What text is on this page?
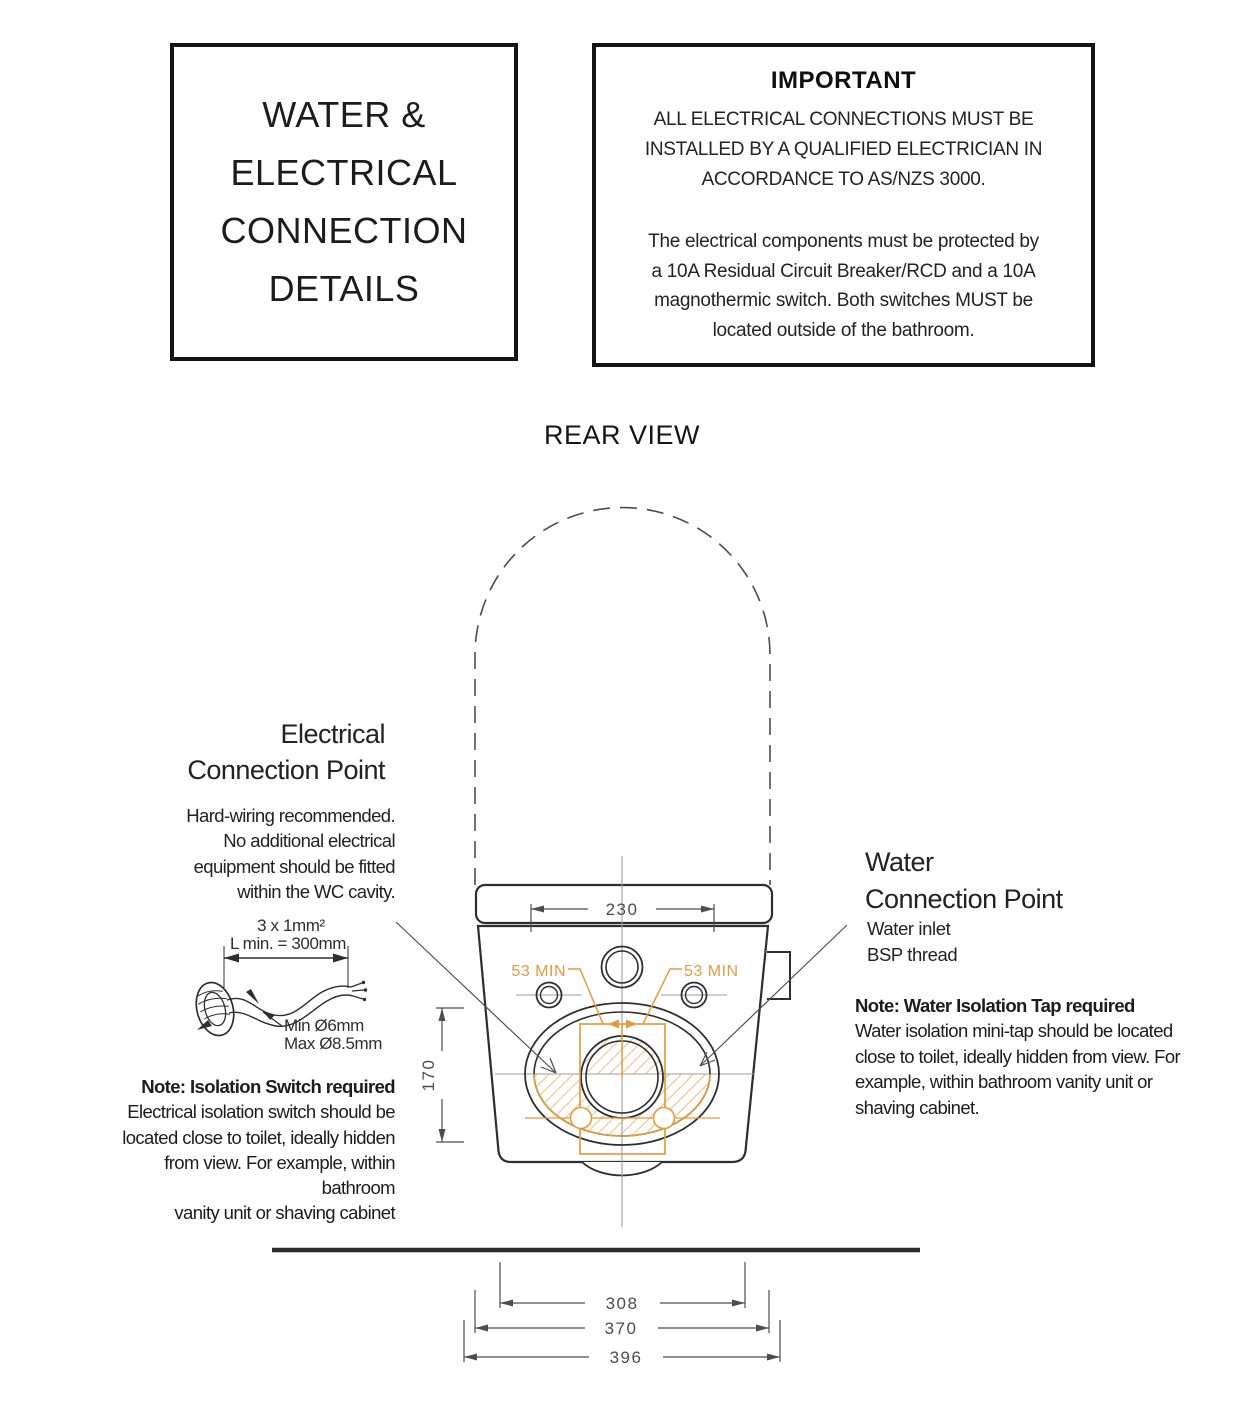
53 MIN	53 MIN
230
170
308
370
396
3 x 1mm²
L min. = 300mm
Min Ø6mm
Max Ø8.5mm
WATER &
ELECTRICAL
CONNECTION
DETAILS
IMPORTANT
ALL ELECTRICAL CONNECTIONS MUST BE
INSTALLED BY A QUALIFIED ELECTRICIAN IN
ACCORDANCE TO AS/NZS 3000.
The electrical components must be protected by
a 10A Residual Circuit Breaker/RCD and a 10A
magnothermic switch. Both switches MUST be
located outside of the bathroom.
REAR VIEW
Electrical
Connection Point
Hard-wiring recommended.
No additional electrical
equipment should be fitted
within the WC cavity.
Note: Isolation Switch required
Electrical isolation switch should be
located close to toilet, ideally hidden
from view. For example, within bathroom
vanity unit or shaving cabinet
Water
Connection Point
Water inlet
BSP thread
Note: Water Isolation Tap required
Water isolation mini-tap should be located
close to toilet, ideally hidden from view. For
example, within bathroom vanity unit or
shaving cabinet.
